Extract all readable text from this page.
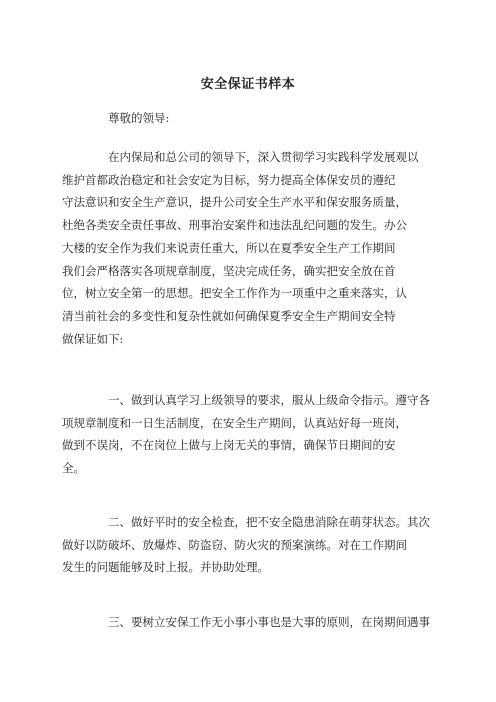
安全保证书样本
尊敬的领导:
在内保局和总公司的领导下，深入贯彻学习实践科学发展观以
维护首都政治稳定和社会安定为目标，努力提高全体保安员的遵纪
守法意识和安全生产意识，提升公司安全生产水平和保安服务质量，
杜绝各类安全责任事故、刑事治安案件和违法乱纪问题的发生。办公
大楼的安全作为我们来说责任重大，所以在夏季安全生产工作期间
我们会严格落实各项规章制度，坚决完成任务，确实把安全放在首
位，树立安全第一的思想。把安全工作作为一项重中之重来落实，认
清当前社会的多变性和复杂性就如何确保夏季安全生产期间安全特
做保证如下:
一、做到认真学习上级领导的要求，服从上级命令指示。遵守各
项规章制度和一日生活制度，在安全生产期间，认真站好每一班岗，
做到不误岗，不在岗位上做与上岗无关的事情，确保节日期间的安
全。
二、做好平时的安全检查，把不安全隐患消除在萌芽状态。其次
做好以防破坏、放爆炸、防盗窃、防火灾的预案演练。对在工作期间
发生的问题能够及时上报。并协助处理。
三、要树立安保工作无小事小事也是大事的原则，在岗期间遇事
